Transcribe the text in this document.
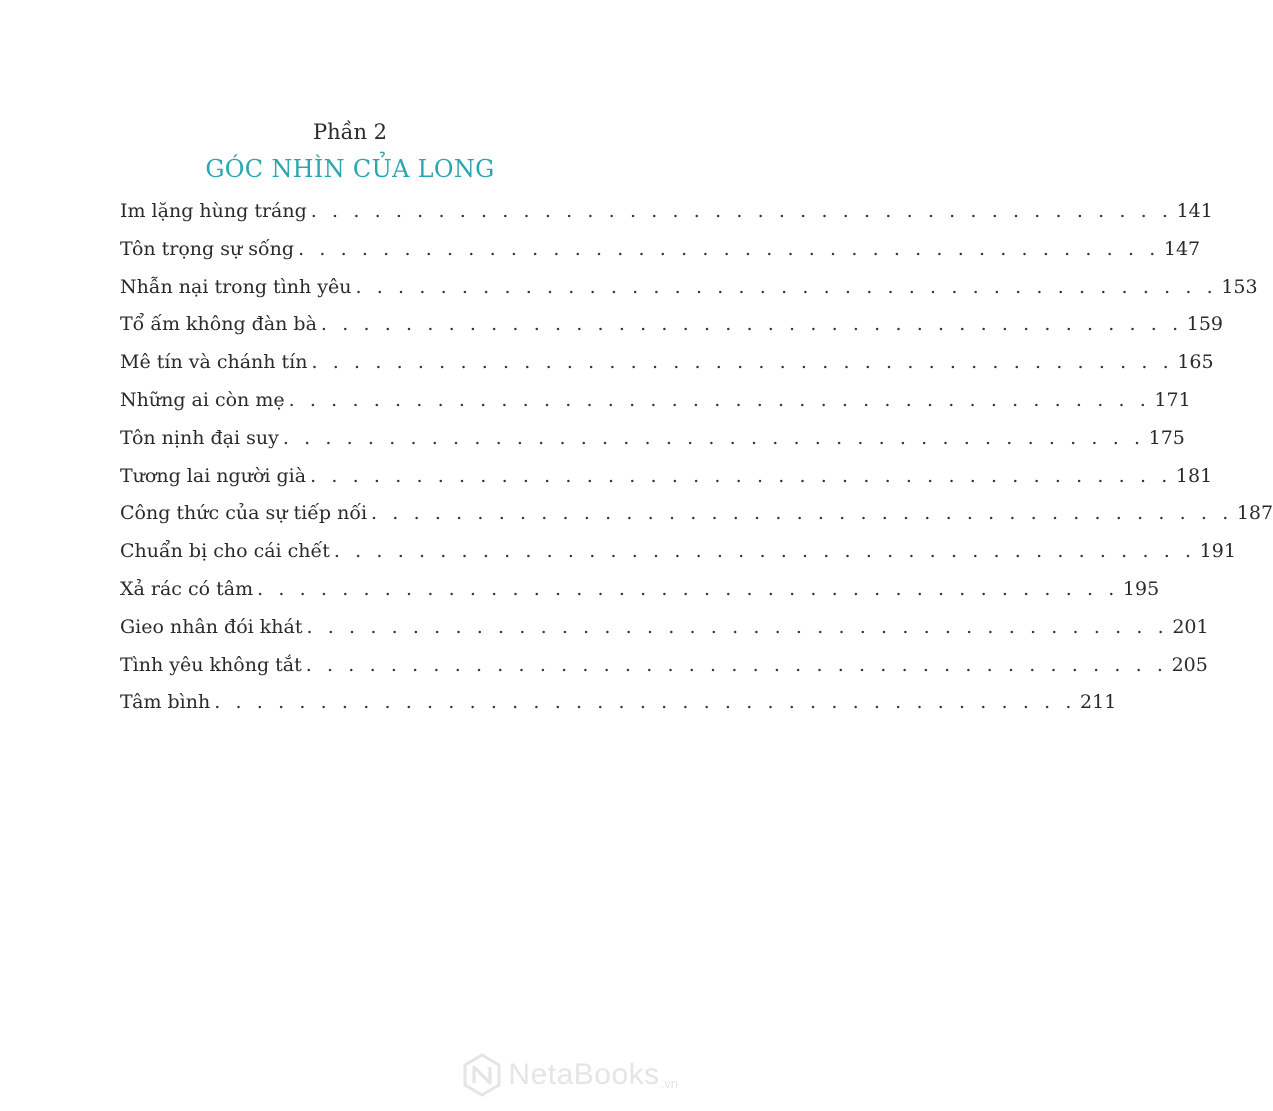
Phần 2
GÓC NHÌN CỦA LONG
Im lặng hùng tráng . . . . . . . . . . . . . . . . . . . . . . . . . . . . . . . . . . . . . . . . . 141
Tôn trọng sự sống . . . . . . . . . . . . . . . . . . . . . . . . . . . . . . . . . . . . . . . . . 147
Nhẫn nại trong tình yêu . . . . . . . . . . . . . . . . . . . . . . . . . . . . . . . . . . . . . . . . . 153
Tổ ấm không đàn bà . . . . . . . . . . . . . . . . . . . . . . . . . . . . . . . . . . . . . . . . . 159
Mê tín và chánh tín . . . . . . . . . . . . . . . . . . . . . . . . . . . . . . . . . . . . . . . . . 165
Những ai còn mẹ . . . . . . . . . . . . . . . . . . . . . . . . . . . . . . . . . . . . . . . . . 171
Tôn nịnh đại suy . . . . . . . . . . . . . . . . . . . . . . . . . . . . . . . . . . . . . . . . . 175
Tương lai người già . . . . . . . . . . . . . . . . . . . . . . . . . . . . . . . . . . . . . . . . . 181
Công thức của sự tiếp nối . . . . . . . . . . . . . . . . . . . . . . . . . . . . . . . . . . . . . . . . . 187
Chuẩn bị cho cái chết . . . . . . . . . . . . . . . . . . . . . . . . . . . . . . . . . . . . . . . . . 191
Xả rác có tâm . . . . . . . . . . . . . . . . . . . . . . . . . . . . . . . . . . . . . . . . . 195
Gieo nhân đói khát . . . . . . . . . . . . . . . . . . . . . . . . . . . . . . . . . . . . . . . . . 201
Tình yêu không tắt . . . . . . . . . . . . . . . . . . . . . . . . . . . . . . . . . . . . . . . . . 205
Tâm bình . . . . . . . . . . . . . . . . . . . . . . . . . . . . . . . . . . . . . . . . . 211
NetaBooks .vn
